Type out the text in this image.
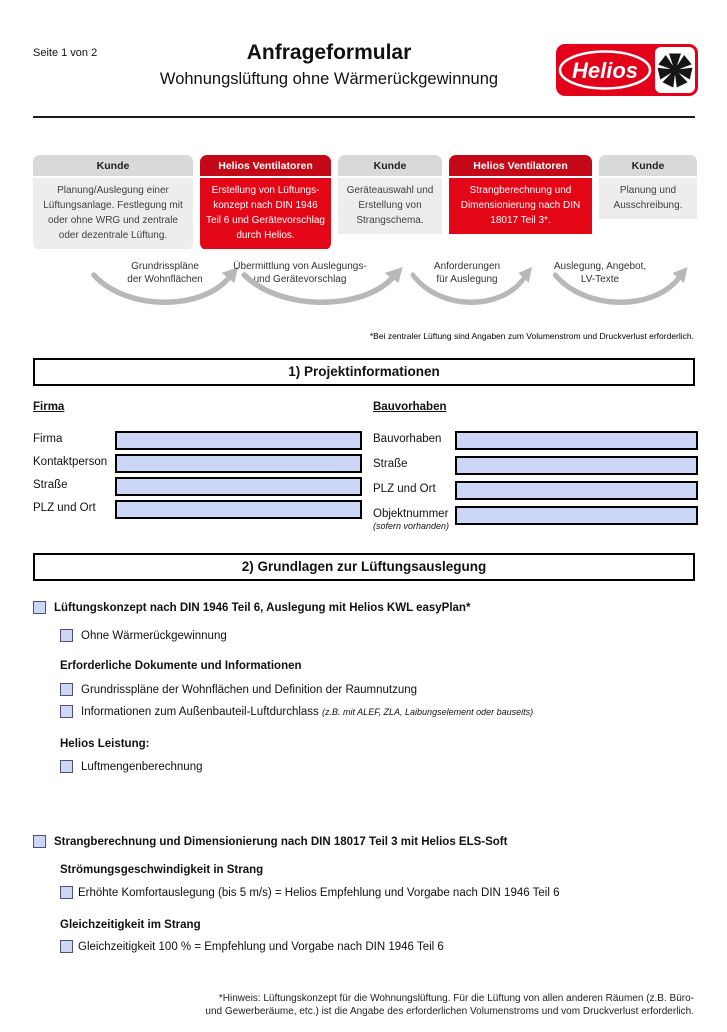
Seite 1 von 2	Anfrageformular
Wohnungslüftung ohne Wärmerückgewinnung	Helios
Kunde
Planung/Auslegung einer Lüftungsanlage. Festlegung mit oder ohne WRG und zentrale oder dezentrale Lüftung.
Helios Ventilatoren
Erstellung von Lüftungs-konzept nach DIN 1946 Teil 6 und Gerätevorschlag durch Helios.
Kunde
Geräteauswahl und Erstellung von Strangschema.
Helios Ventilatoren
Strangberechnung und Dimensionierung nach DIN 18017 Teil 3*.
Kunde
Planung und Ausschreibung.
Grundrisspläne
der Wohnflächen
Übermittlung von Auslegungs-
und Gerätevorschlag
Anforderungen
für Auslegung
Auslegung, Angebot,
LV-Texte
*Bei zentraler Lüftung sind Angaben zum Volumenstrom und Druckverlust erforderlich.
1) Projektinformationen
Firma	Bauvorhaben
Firma
Kontaktperson
Straße
PLZ und Ort
Bauvorhaben
Straße
PLZ und Ort
Objektnummer
(sofern vorhanden)
2) Grundlagen zur Lüftungsauslegung
Lüftungskonzept nach DIN 1946 Teil 6, Auslegung mit Helios KWL easyPlan*
Ohne Wärmerückgewinnung
Erforderliche Dokumente und Informationen
Grundrisspläne der Wohnflächen und Definition der Raumnutzung
Informationen zum Außenbauteil-Luftdurchlass (z.B. mit ALEF, ZLA, Laibungselement oder bauseits)
Helios Leistung:
Luftmengenberechnung
Strangberechnung und Dimensionierung nach DIN 18017 Teil 3 mit Helios ELS-Soft
Strömungsgeschwindigkeit in Strang
Erhöhte Komfortauslegung (bis 5 m/s) = Helios Empfehlung und Vorgabe nach DIN 1946 Teil 6
Gleichzeitigkeit im Strang
Gleichzeitigkeit 100 % = Empfehlung und Vorgabe nach DIN 1946 Teil 6
*Hinweis: Lüftungskonzept für die Wohnungslüftung. Für die Lüftung von allen anderen Räumen (z.B. Büro-
und Gewerberäume, etc.) ist die Angabe des erforderlichen Volumenstroms und vom Druckverlust erforderlich.
